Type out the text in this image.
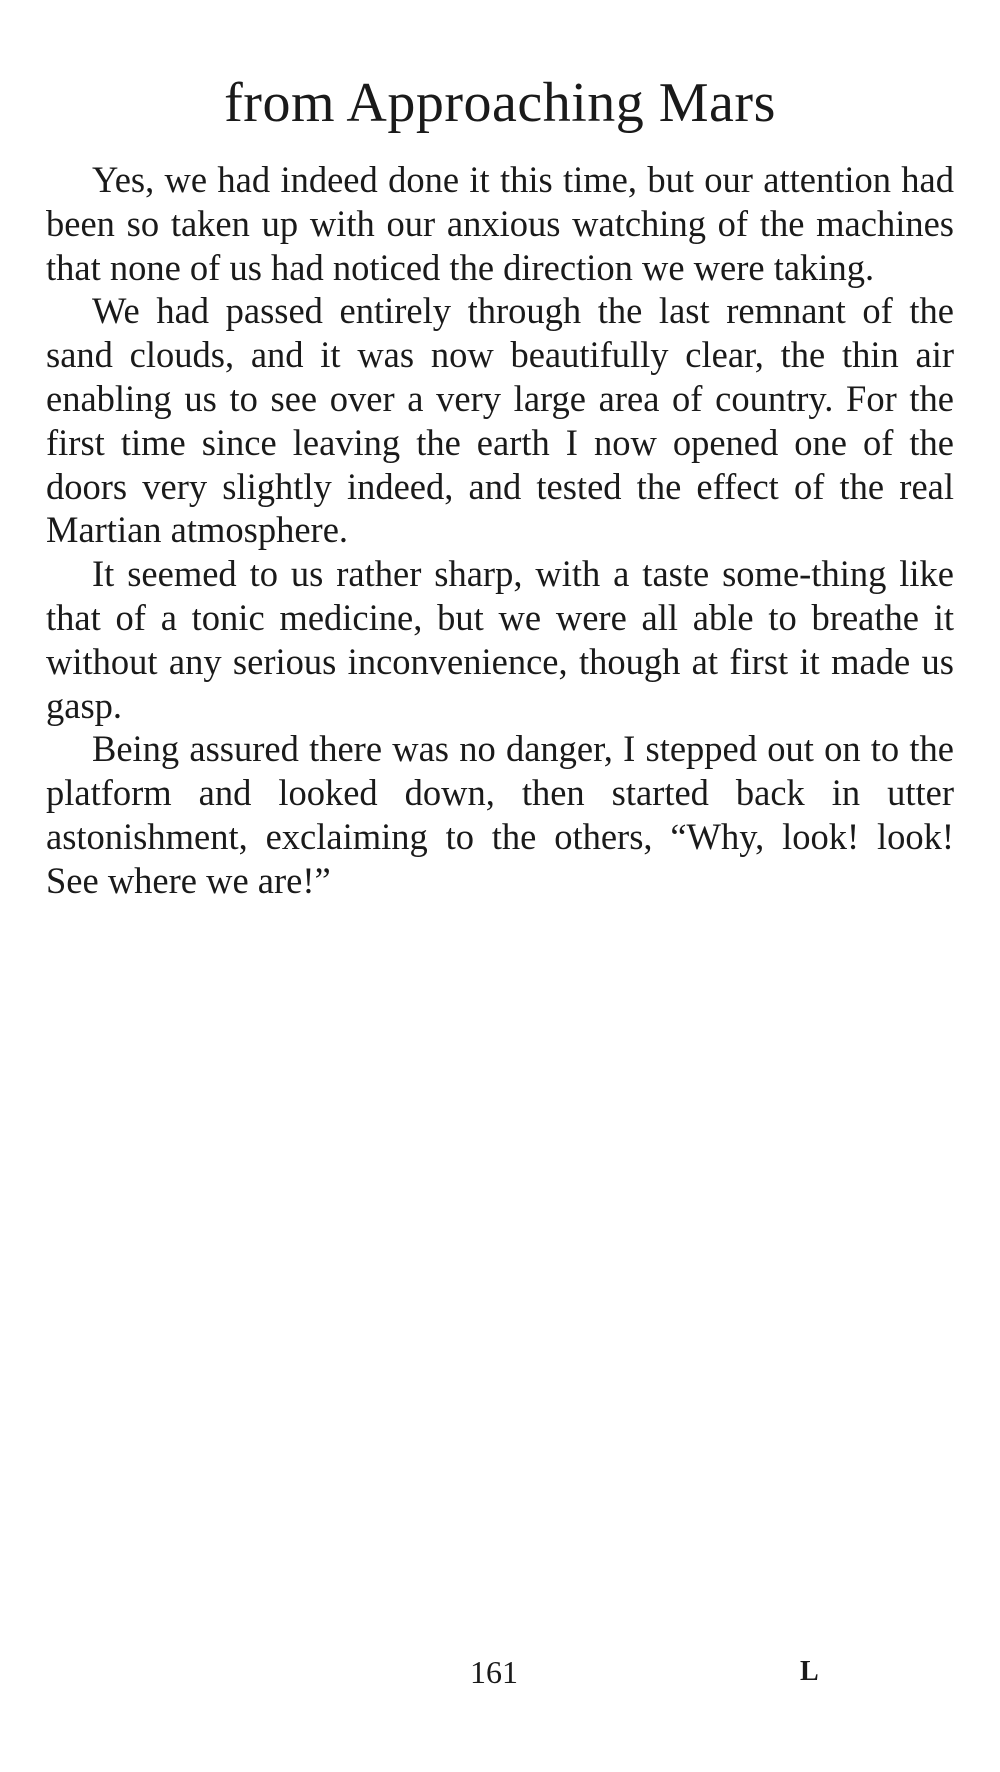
from Approaching Mars

Yes, we had indeed done it this time, but our attention had been so taken up with our anxious watching of the machines that none of us had noticed the direction we were taking.

We had passed entirely through the last remnant of the sand clouds, and it was now beautifully clear, the thin air enabling us to see over a very large area of country. For the first time since leaving the earth I now opened one of the doors very slightly indeed, and tested the effect of the real Martian atmosphere.

It seemed to us rather sharp, with a taste some-thing like that of a tonic medicine, but we were all able to breathe it without any serious inconvenience, though at first it made us gasp.

Being assured there was no danger, I stepped out on to the platform and looked down, then started back in utter astonishment, exclaiming to the others, “Why, look! look! See where we are!”

161	L
